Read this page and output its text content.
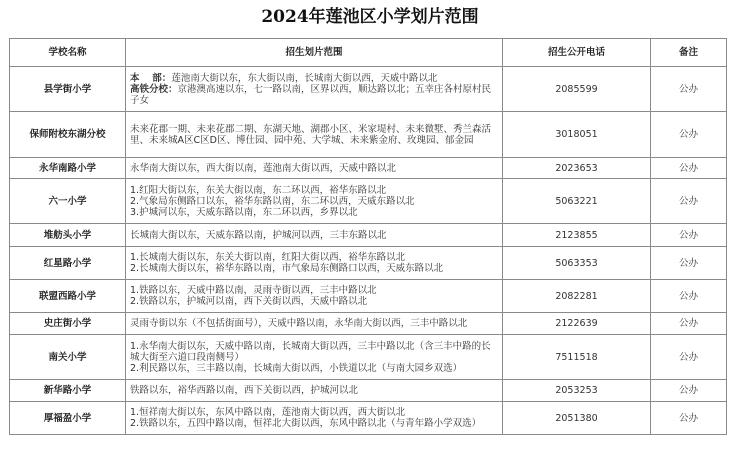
2024年莲池区小学划片范围
学校名称	招生划片范围	招生公开电话	备注
县学街小学	本　 部：莲池南大街以东，东大街以南，长城南大街以西，天威中路以北
高铁分校：京港澳高速以东，七一路以南，区界以西，顺达路以北；五幸庄各村原村民子女	2085599	公办
保师附校东湖分校	未来花郡一期、未来花郡二期、东湖天地、湖郡小区、米家堤村、未来微墅、秀兰森活里、未来城A区C区D区、博仕园、园中苑、大学城、未来紫金府、玫瑰园、郁金园	3018051	公办
永华南路小学	永华南大街以东，西大街以南，莲池南大街以西，天威中路以北	2023653	公办
六一小学	1.红阳大街以东，东关大街以南，东二环以西，裕华东路以北
2.气象局东侧路口以东，裕华东路以南，东二环以西，天威东路以北
3.护城河以东，天威东路以南，东二环以西，乡界以北	5063221	公办
堆舫头小学	长城南大街以东，天威东路以南，护城河以西，三丰东路以北	2123855	公办
红星路小学	1.长城南大街以东，东关大街以南，红阳大街以西，裕华东路以北
2.长城南大街以东，裕华东路以南，市气象局东侧路口以西，天威东路以北	5063353	公办
联盟西路小学	1.铁路以东，天威中路以南，灵雨寺街以西，三丰中路以北
2.铁路以东，护城河以南，西下关街以西，天威中路以北	2082281	公办
史庄街小学	灵雨寺街以东（不包括街面号），天威中路以南，永华南大街以西，三丰中路以北	2122639	公办
南关小学	1.永华南大街以东，天威中路以南，长城南大街以西，三丰中路以北（含三丰中路的长城大街至六道口段南侧号）
2.利民路以东，三丰路以南，长城南大街以西，小铁道以北（与南大园乡双选）	7511518	公办
新华路小学	铁路以东，裕华西路以南，西下关街以西，护城河以北	2053253	公办
厚福盈小学	1.恒祥南大街以东，东风中路以南，莲池南大街以西，西大街以北
2.铁路以东，五四中路以南，恒祥北大街以西，东风中路以北（与青年路小学双选）	2051380	公办
